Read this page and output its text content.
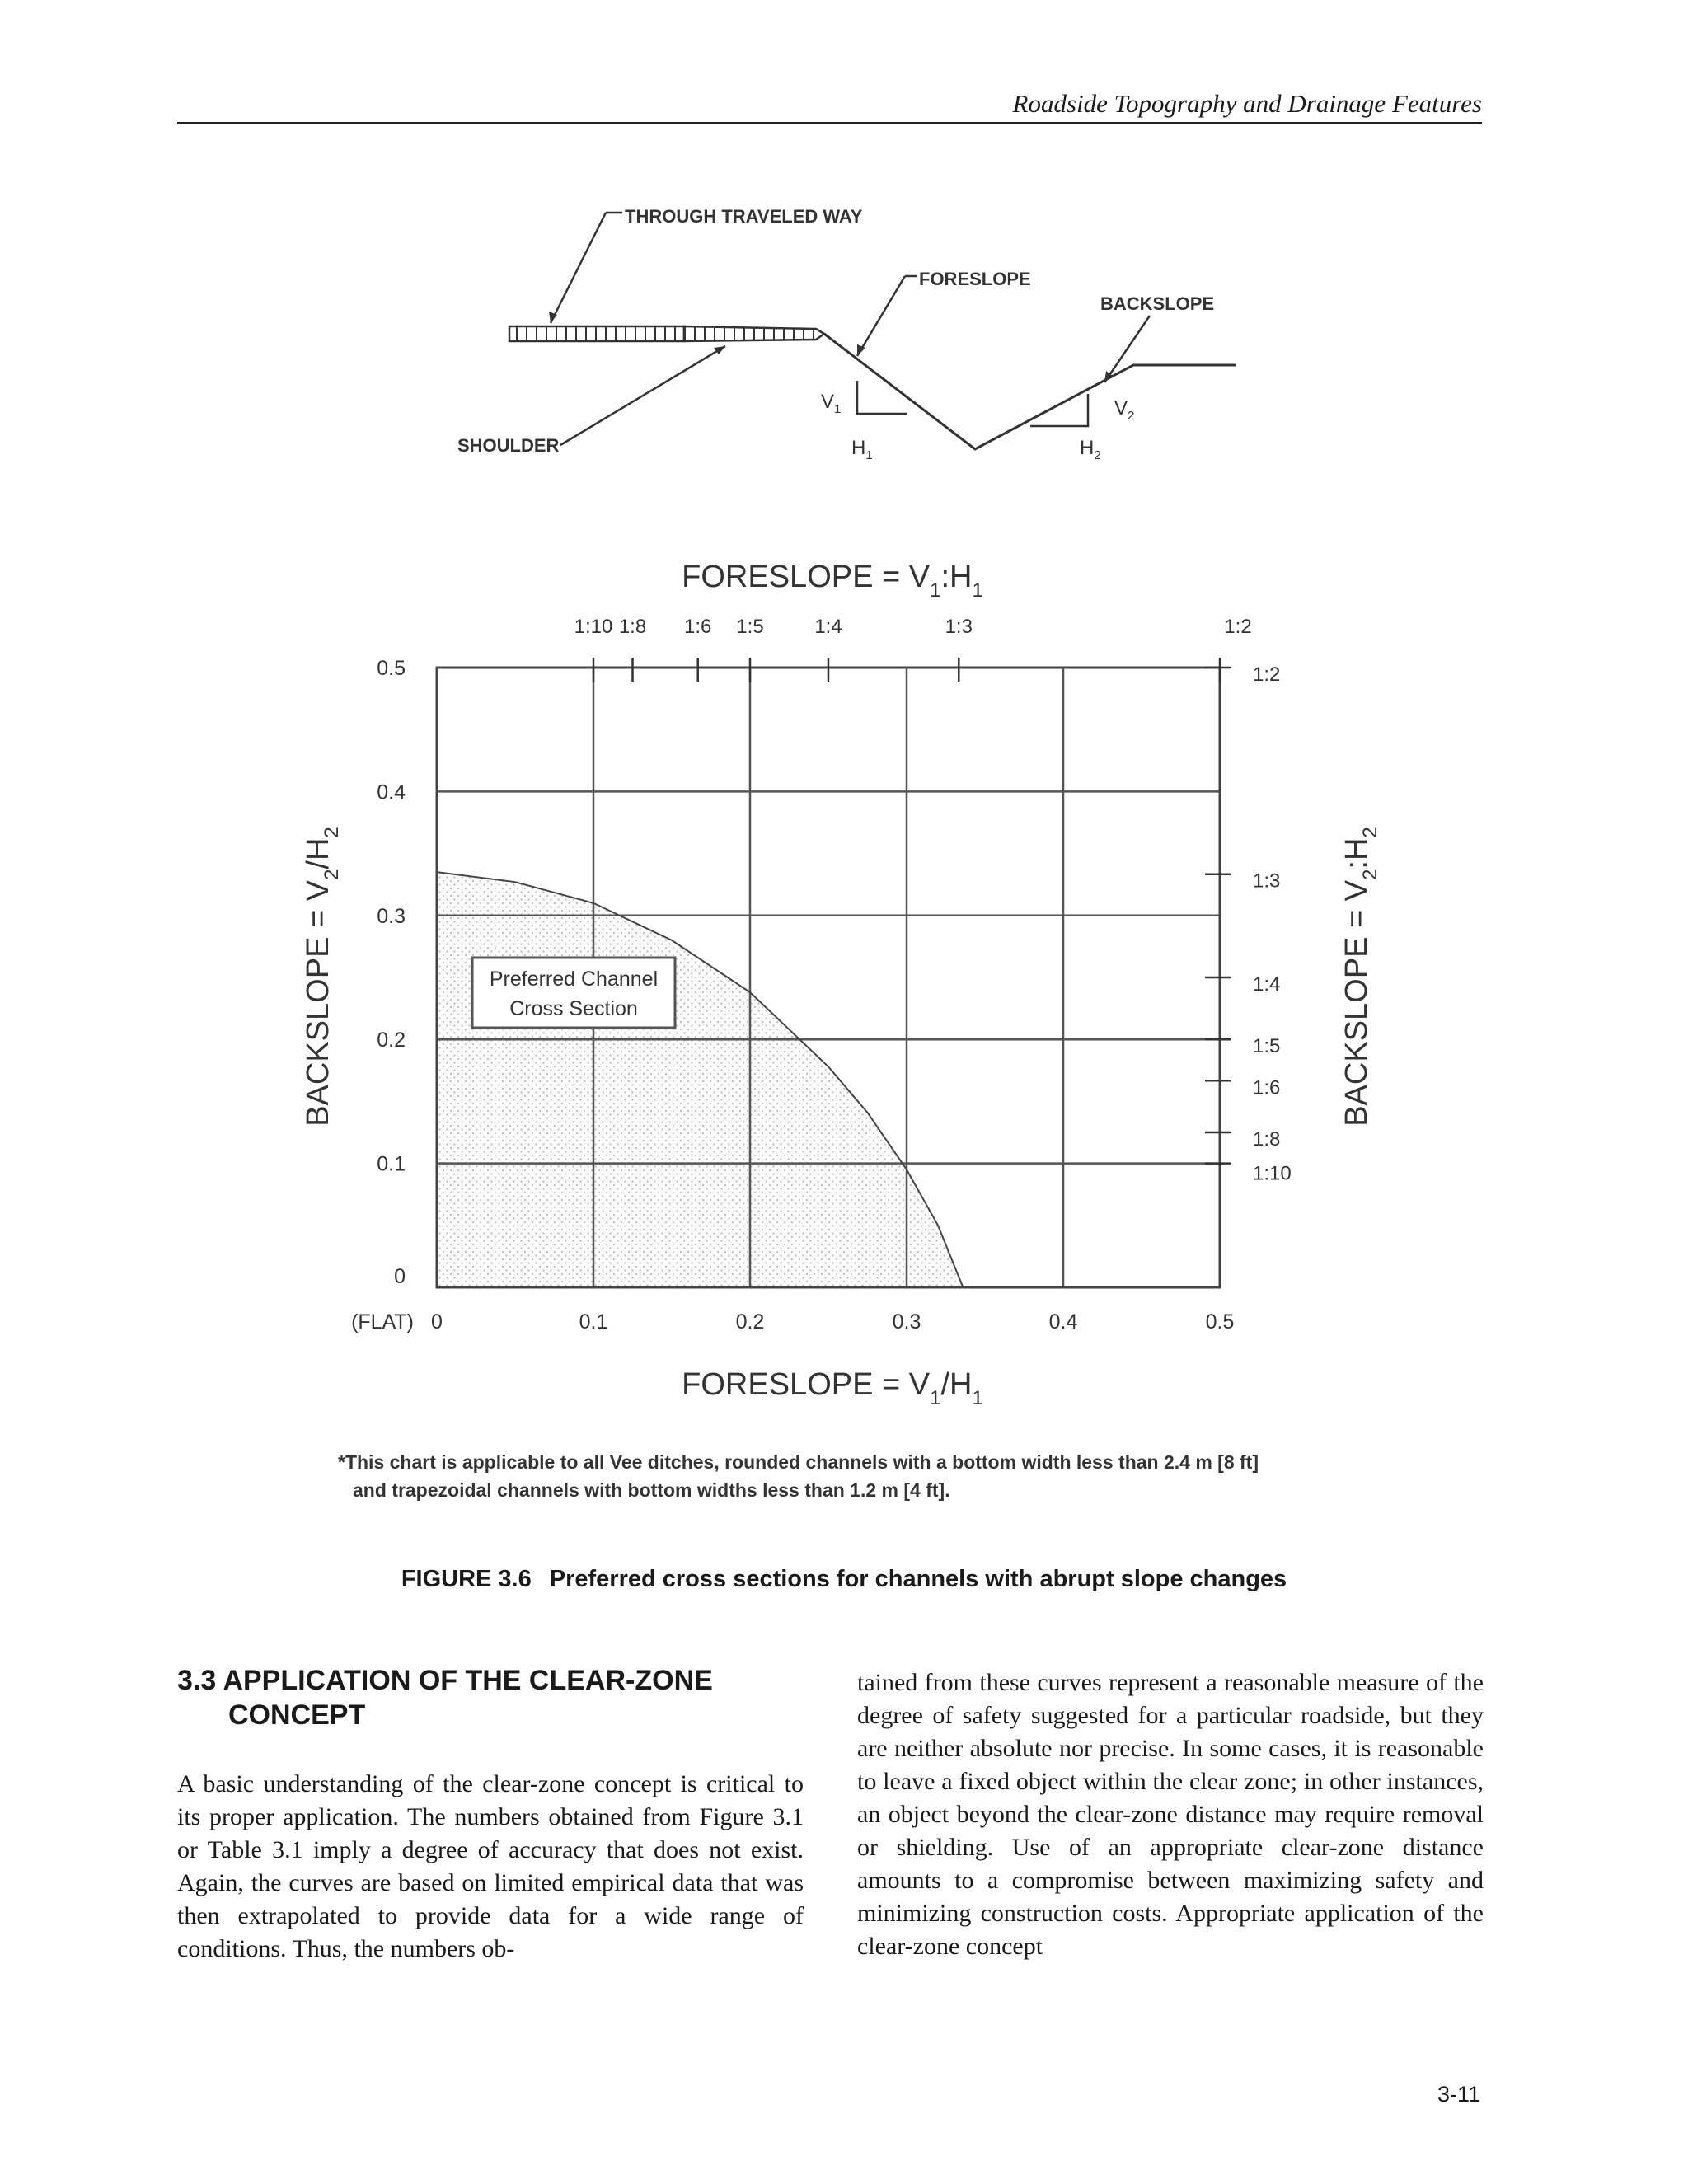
Roadside Topography and Drainage Features
THROUGH TRAVELED WAY
SHOULDER
FORESLOPE
BACKSLOPE
$V_1$
$H_1$
$V_2$
$H_2$
0	0.1	0.2	0.3	0.4	0.5
(FLAT)
0
0.1
0.2
0.3
0.4
0.5
1:10 1:8 1:6 1:5	1:4	1:3	1:2
1:2
1:3
1:4
1:5
1:6
1:8
1:10
Preferred Channel
Cross Section
FORESLOPE = $V_1:H_1$
FORESLOPE = $V_1/H_1$
BACKSLOPE = $V_2/H_2$
BACKSLOPE = $V_2:H_2$
*This chart is applicable to all Vee ditches, rounded channels with a bottom width less than 2.4 m [8 ft]
and trapezoidal channels with bottom widths less than 1.2 m [4 ft].
FIGURE 3.6 Preferred cross sections for channels with abrupt slope changes
3.3 APPLICATION OF THE CLEAR-ZONE
CONCEPT
A basic understanding of the clear-zone concept is critical to its proper application. The numbers obtained from Figure 3.1 or Table 3.1 imply a degree of accuracy that does not exist. Again, the curves are based on limited empirical data that was then extrapolated to provide data for a wide range of conditions. Thus, the numbers ob-
tained from these curves represent a reasonable measure of the degree of safety suggested for a particular roadside, but they are neither absolute nor precise. In some cases, it is reasonable to leave a fixed object within the clear zone; in other instances, an object beyond the clear-zone distance may require removal or shielding. Use of an appropriate clear-zone distance amounts to a compromise between maximizing safety and minimizing construction costs. Appropriate application of the clear-zone concept
3-11
